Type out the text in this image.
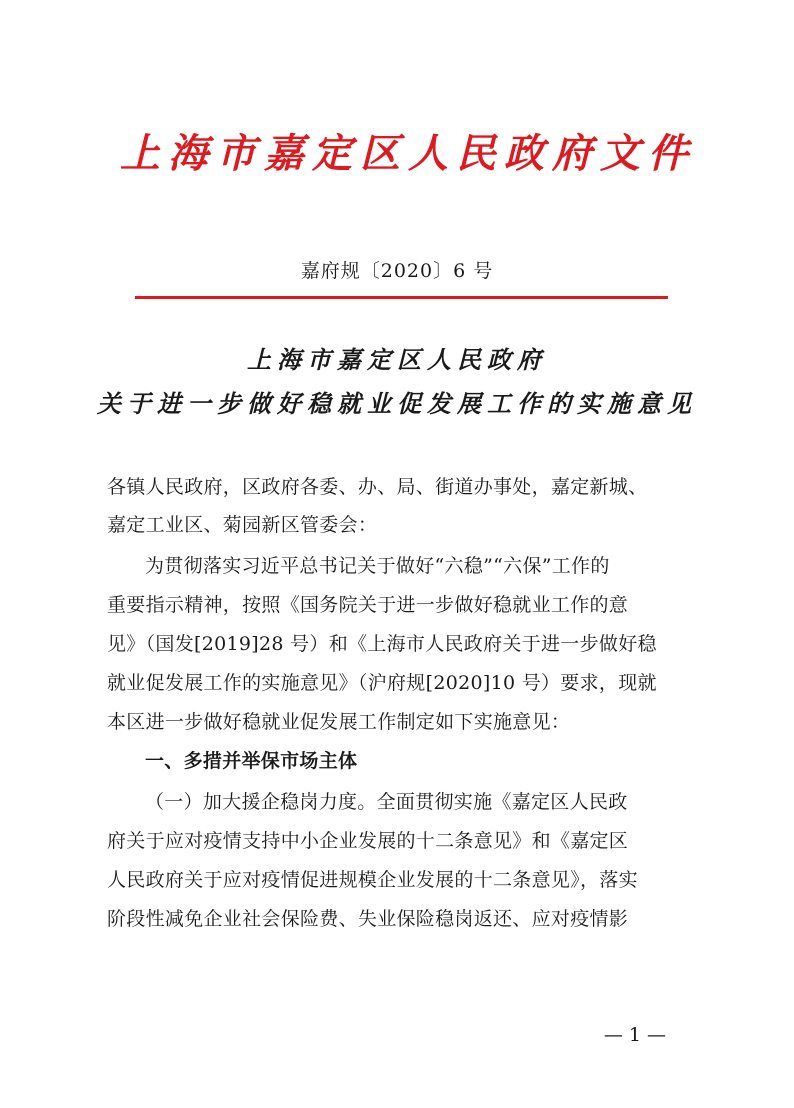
上海市嘉定区人民政府文件
嘉府规〔2020〕6 号
上海市嘉定区人民政府
关于进一步做好稳就业促发展工作的实施意见
各镇人民政府，区政府各委、办、局、街道办事处，嘉定新城、
嘉定工业区、菊园新区管委会：
为贯彻落实习近平总书记关于做好“六稳”“六保”工作的
重要指示精神，按照《国务院关于进一步做好稳就业工作的意
见》（国发[2019]28 号）和《上海市人民政府关于进一步做好稳
就业促发展工作的实施意见》（沪府规[2020]10 号）要求，现就
本区进一步做好稳就业促发展工作制定如下实施意见：
一、多措并举保市场主体
（一）加大援企稳岗力度。全面贯彻实施《嘉定区人民政
府关于应对疫情支持中小企业发展的十二条意见》和《嘉定区
人民政府关于应对疫情促进规模企业发展的十二条意见》，落实
阶段性减免企业社会保险费、失业保险稳岗返还、应对疫情影
— 1 —
